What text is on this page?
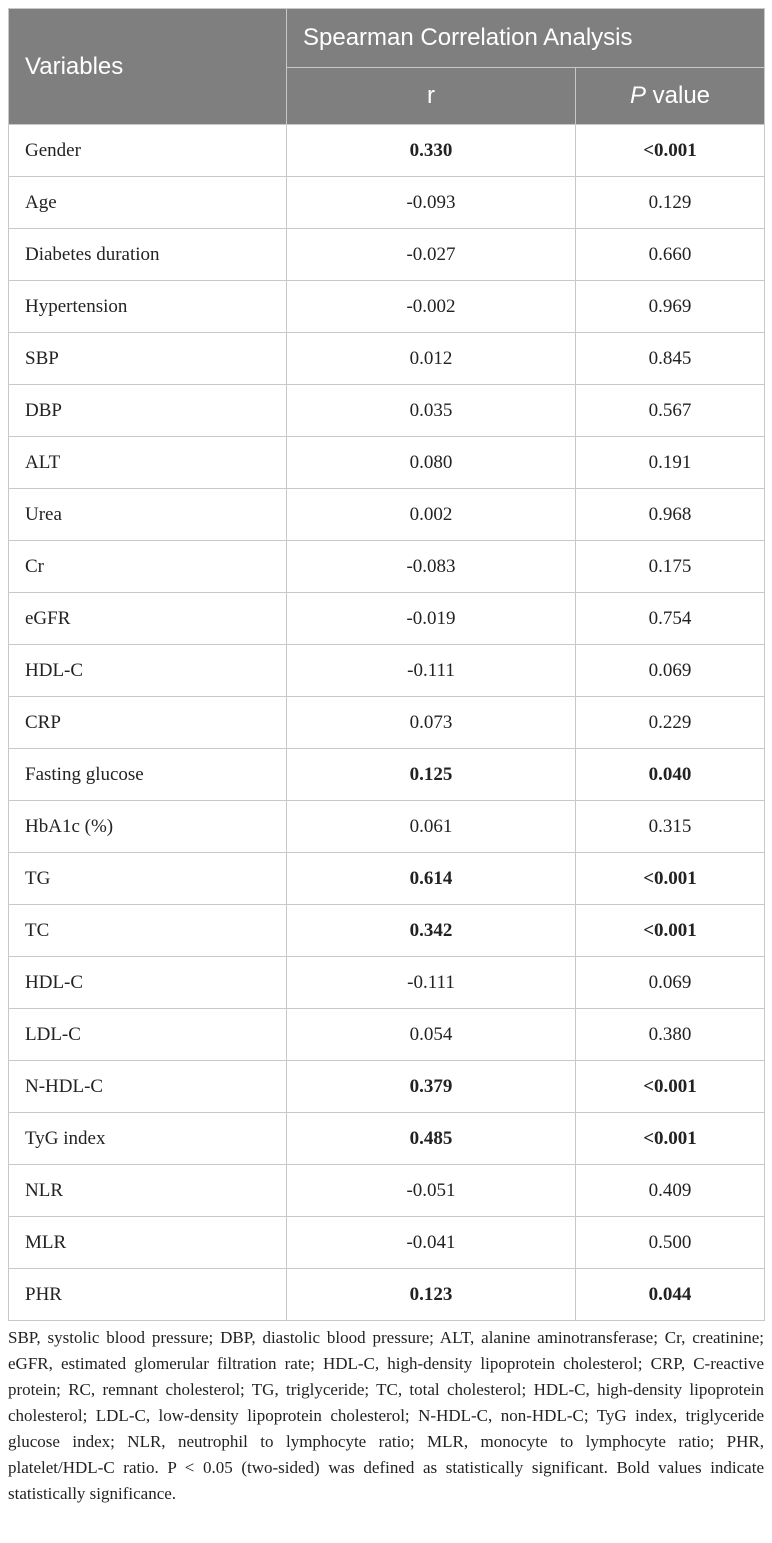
Variables	Spearman Correlation Analysis	
	r	P value
Gender	0.330	<0.001
Age	-0.093	0.129
Diabetes duration	-0.027	0.660
Hypertension	-0.002	0.969
SBP	0.012	0.845
DBP	0.035	0.567
ALT	0.080	0.191
Urea	0.002	0.968
Cr	-0.083	0.175
eGFR	-0.019	0.754
HDL-C	-0.111	0.069
CRP	0.073	0.229
Fasting glucose	0.125	0.040
HbA1c (%)	0.061	0.315
TG	0.614	<0.001
TC	0.342	<0.001
HDL-C	-0.111	0.069
LDL-C	0.054	0.380
N-HDL-C	0.379	<0.001
TyG index	0.485	<0.001
NLR	-0.051	0.409
MLR	-0.041	0.500
PHR	0.123	0.044

SBP, systolic blood pressure; DBP, diastolic blood pressure; ALT, alanine aminotransferase; Cr, creatinine; eGFR, estimated glomerular filtration rate; HDL-C, high-density lipoprotein cholesterol; CRP, C-reactive protein; RC, remnant cholesterol; TG, triglyceride; TC, total cholesterol; HDL-C, high-density lipoprotein cholesterol; LDL-C, low-density lipoprotein cholesterol; N-HDL-C, non-HDL-C; TyG index, triglyceride glucose index; NLR, neutrophil to lymphocyte ratio; MLR, monocyte to lymphocyte ratio; PHR, platelet/HDL-C ratio. P < 0.05 (two-sided) was defined as statistically significant. Bold values indicate statistically significance.
